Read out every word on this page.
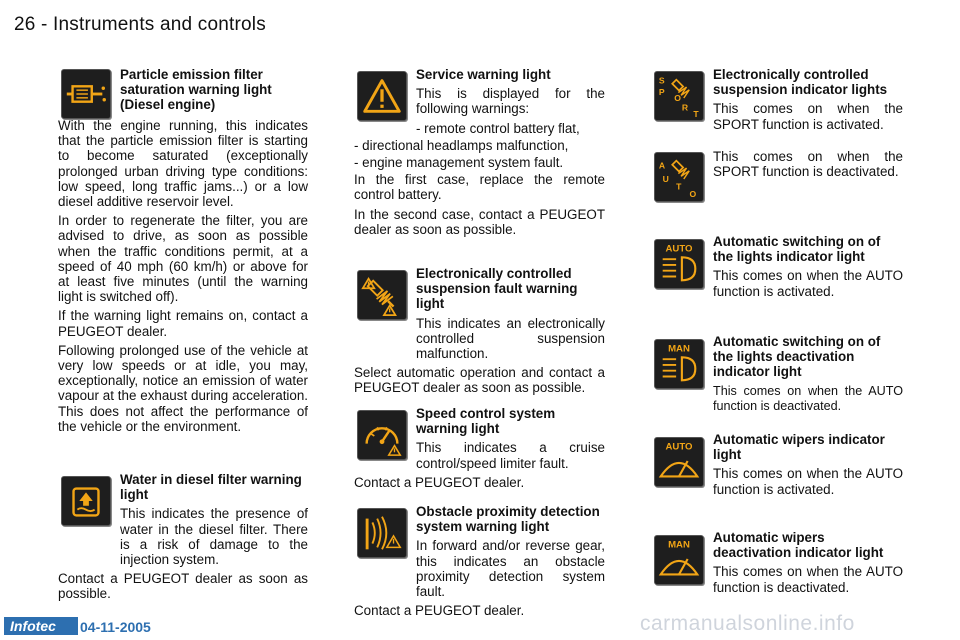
26 - Instruments and controls
Particle emission filter saturation warning light (Diesel engine)
With the engine running, this indicates that the particle emission filter is starting to become saturated (exceptionally prolonged urban driving type conditions: low speed, long traffic jams...) or a low diesel additive reservoir level.
In order to regenerate the filter, you are advised to drive, as soon as possible when the traffic conditions permit, at a speed of 40 mph (60 km/h) or above for at least five minutes (until the warning light is switched off).
If the warning light remains on, contact a PEUGEOT dealer.
Following prolonged use of the vehicle at very low speeds or at idle, you may, exceptionally, notice an emission of water vapour at the exhaust during acceleration. This does not affect the performance of the vehicle or the environment.
Water in diesel filter warning light
This indicates the presence of water in the diesel filter. There is a risk of damage to the injection system.
Contact a PEUGEOT dealer as soon as possible.
Service warning light
This is displayed for the following warnings:
- remote control battery flat,
- directional headlamps malfunction,
- engine management system fault.
In the first case, replace the remote control battery.
In the second case, contact a PEUGEOT dealer as soon as possible.
Electronically controlled suspension fault warning light
This indicates an electronically controlled suspension malfunction.
Select automatic operation and contact a PEUGEOT dealer as soon as possible.
Speed control system warning light
This indicates a cruise control/speed limiter fault.
Contact a PEUGEOT dealer.
Obstacle proximity detection system warning light
In forward and/or reverse gear, this indicates an obstacle proximity detection system fault.
Contact a PEUGEOT dealer.
S
P
O
R
T
Electronically controlled suspension indicator lights
This comes on when the SPORT function is activated.
A
U
T
O
This comes on when the SPORT function is deactivated.
AUTO
Automatic switching on of the lights indicator light
This comes on when the AUTO function is activated.
MAN
Automatic switching on of the lights deactivation indicator light
This comes on when the AUTO function is deactivated.
AUTO
Automatic wipers indicator light
This comes on when the AUTO function is activated.
MAN
Automatic wipers deactivation indicator light
This comes on when the AUTO function is deactivated.
Infotec	04-11-2005	carmanualsonline.info
